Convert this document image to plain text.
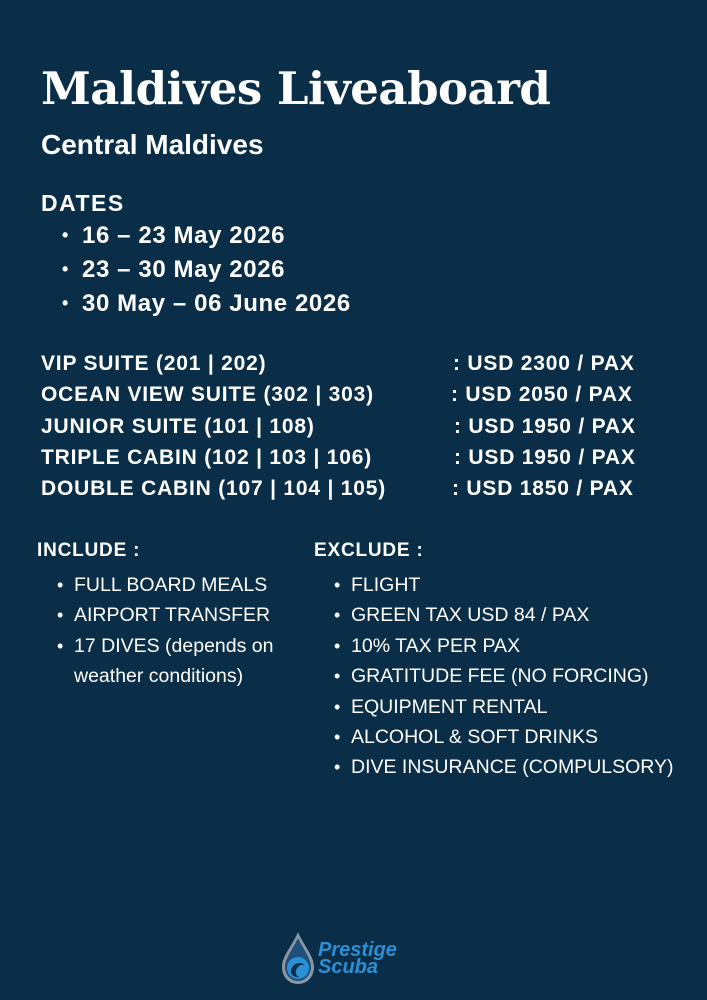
Maldives Liveaboard
Central Maldives
DATES
• 16 – 23 May 2026
• 23 – 30 May 2026
• 30 May – 06 June 2026
VIP SUITE (201 | 202)	: USD 2300 / PAX
OCEAN VIEW SUITE (302 | 303)	: USD 2050 / PAX
JUNIOR SUITE (101 | 108)	: USD 1950 / PAX
TRIPLE CABIN (102 | 103 | 106)	: USD 1950 / PAX
DOUBLE CABIN (107 | 104 | 105)	: USD 1850 / PAX
INCLUDE :
• FULL BOARD MEALS
• AIRPORT TRANSFER
• 17 DIVES (depends on weather conditions)
EXCLUDE :
• FLIGHT
• GREEN TAX USD 84 / PAX
• 10% TAX PER PAX
• GRATITUDE FEE (NO FORCING)
• EQUIPMENT RENTAL
• ALCOHOL & SOFT DRINKS
• DIVE INSURANCE (COMPULSORY)
Prestige
Scuba
